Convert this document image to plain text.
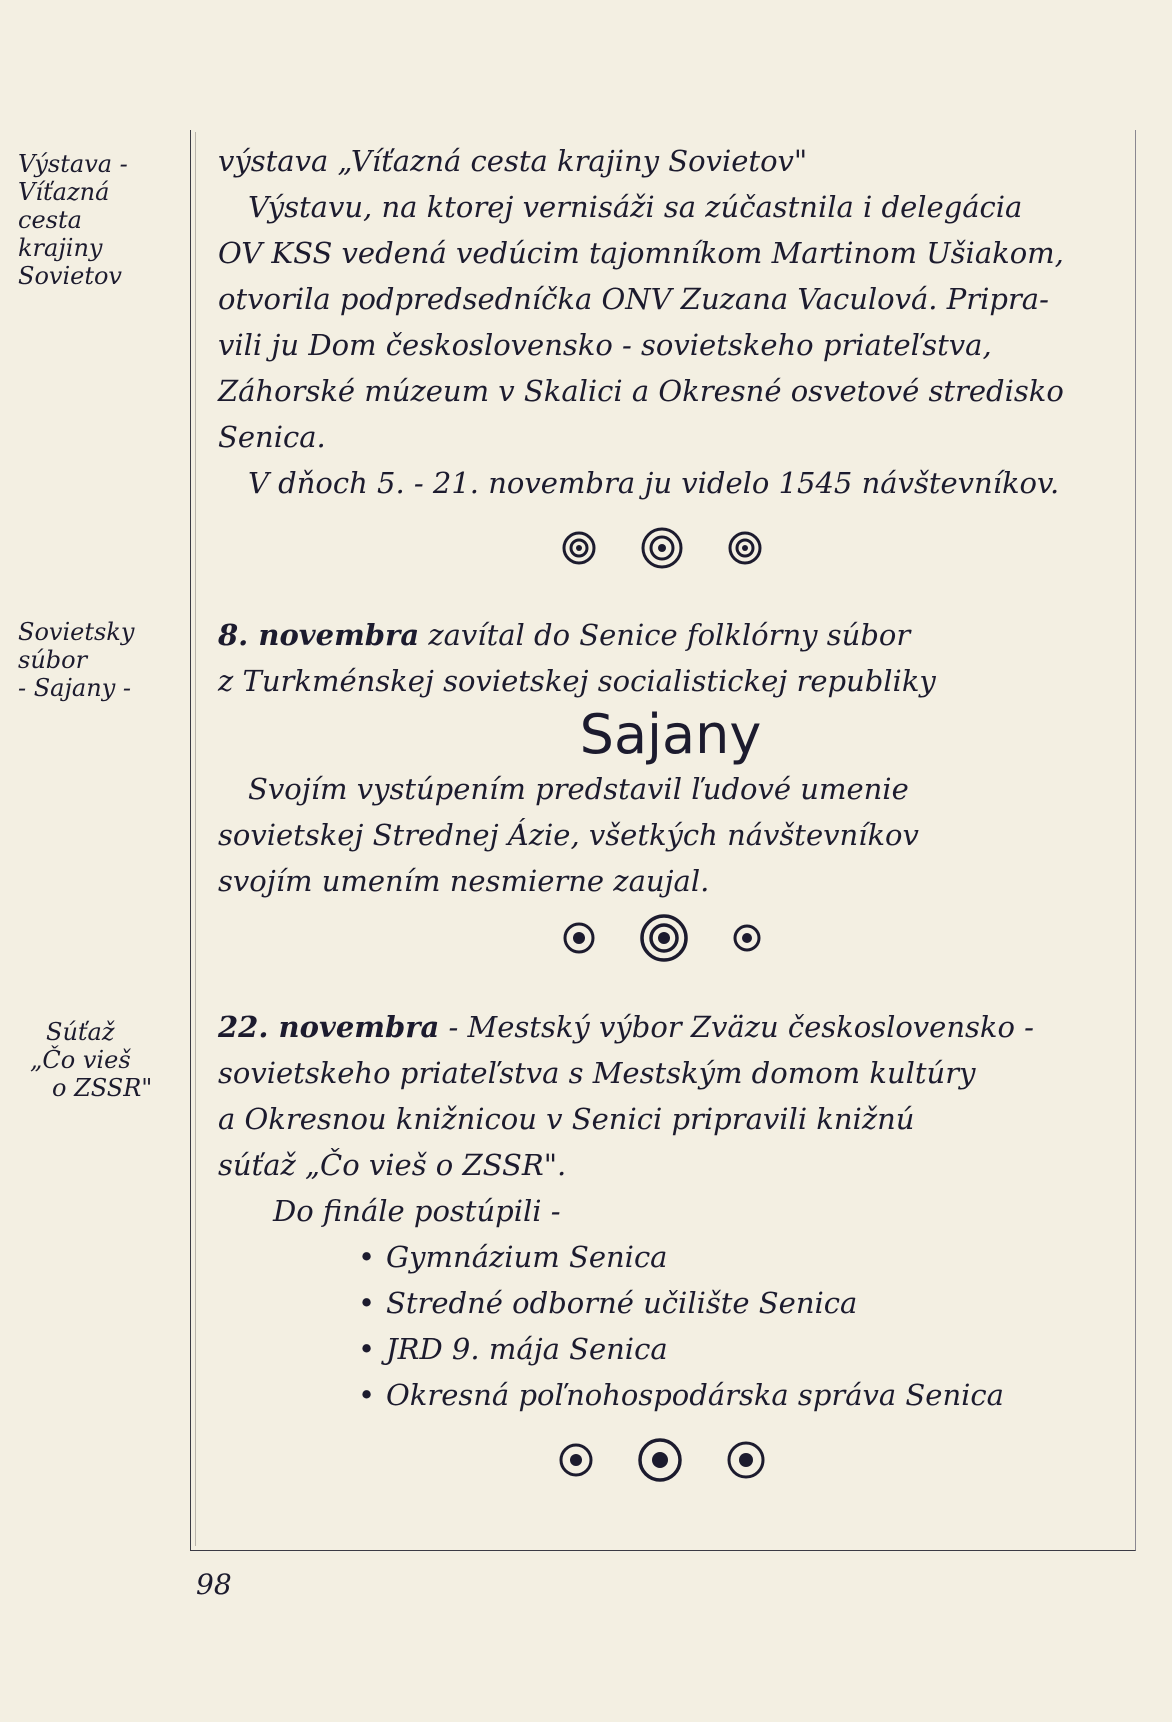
Výstava -
Víťazná
cesta
krajiny
Sovietov
výstava „Víťazná cesta krajiny Sovietov"
Výstavu, na ktorej vernisáži sa zúčastnila i delegácia
OV KSS vedená vedúcim tajomníkom Martinom Ušiakom,
otvorila podpredsedníčka ONV Zuzana Vaculová. Pripra-
vili ju Dom československo - sovietskeho priateľstva,
Záhorské múzeum v Skalici a Okresné osvetové stredisko
Senica.
V dňoch 5. - 21. novembra ju videlo 1545 návštevníkov.
Sovietsky
súbor
- Sajany -
8. novembra zavítal do Senice folklórny súbor
z Turkménskej sovietskej socialistickej republiky
Sajany
Svojím vystúpením predstavil ľudové umenie
sovietskej Strednej Ázie, všetkých návštevníkov
svojím umením nesmierne zaujal.
Súťaž
„Čo vieš
o ZSSR"
22. novembra - Mestský výbor Zväzu československo -
sovietskeho priateľstva s Mestským domom kultúry
a Okresnou knižnicou v Senici pripravili knižnú
súťaž „Čo vieš o ZSSR".
Do finále postúpili -
• Gymnázium Senica
• Stredné odborné učilište Senica
• JRD 9. mája Senica
• Okresná poľnohospodárska správa Senica
98
